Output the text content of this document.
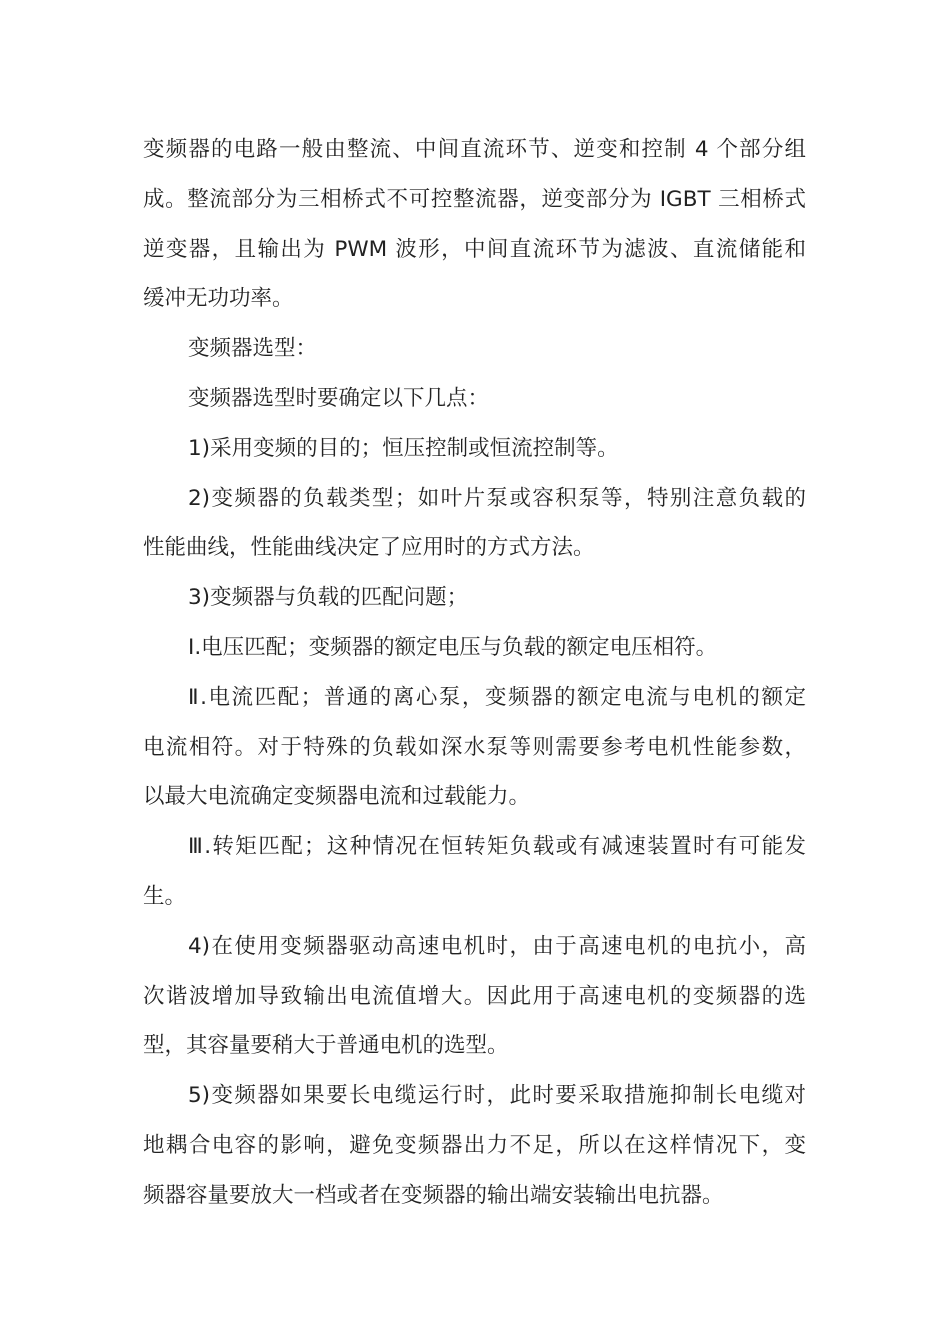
变频器的电路一般由整流、中间直流环节、逆变和控制 4 个部分组
成。整流部分为三相桥式不可控整流器，逆变部分为 IGBT 三相桥式
逆变器，且输出为 PWM 波形，中间直流环节为滤波、直流储能和
缓冲无功功率。
变频器选型：
变频器选型时要确定以下几点：
1)采用变频的目的；恒压控制或恒流控制等。
2)变频器的负载类型；如叶片泵或容积泵等，特别注意负载的
性能曲线，性能曲线决定了应用时的方式方法。
3)变频器与负载的匹配问题；
Ⅰ.电压匹配；变频器的额定电压与负载的额定电压相符。
Ⅱ.电流匹配；普通的离心泵，变频器的额定电流与电机的额定
电流相符。对于特殊的负载如深水泵等则需要参考电机性能参数，
以最大电流确定变频器电流和过载能力。
Ⅲ.转矩匹配；这种情况在恒转矩负载或有减速装置时有可能发
生。
4)在使用变频器驱动高速电机时，由于高速电机的电抗小，高
次谐波增加导致输出电流值增大。因此用于高速电机的变频器的选
型，其容量要稍大于普通电机的选型。
5)变频器如果要长电缆运行时，此时要采取措施抑制长电缆对
地耦合电容的影响，避免变频器出力不足，所以在这样情况下，变
频器容量要放大一档或者在变频器的输出端安装输出电抗器。
